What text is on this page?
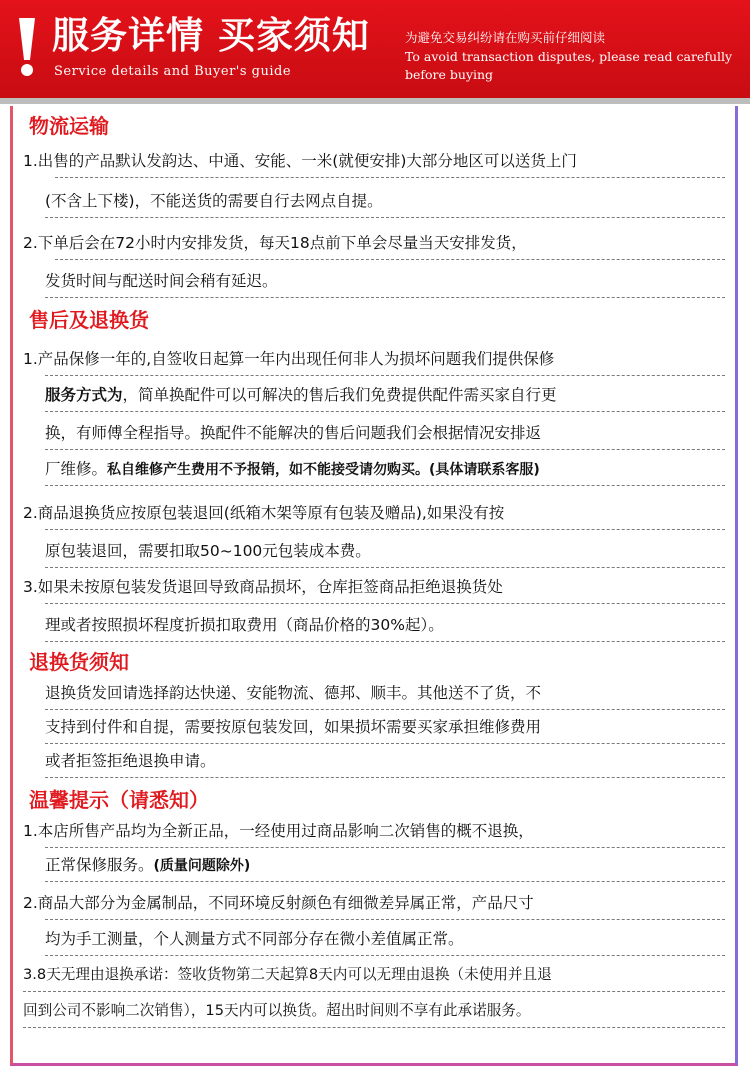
服务详情 买家须知
Service details and Buyer's guide
为避免交易纠纷请在购买前仔细阅读
To avoid transaction disputes, please read carefully before buying
物流运输
1.出售的产品默认发韵达、中通、安能、一米(就便安排)大部分地区可以送货上门
(不含上下楼)，不能送货的需要自行去网点自提。
2.下单后会在72小时内安排发货，每天18点前下单会尽量当天安排发货，
发货时间与配送时间会稍有延迟。
售后及退换货
1.产品保修一年的,自签收日起算一年内出现任何非人为损坏问题我们提供保修
服务方式为，简单换配件可以可解决的售后我们免费提供配件需买家自行更
换，有师傅全程指导。换配件不能解决的售后问题我们会根据情况安排返
厂维修。私自维修产生费用不予报销，如不能接受请勿购买。(具体请联系客服)
2.商品退换货应按原包装退回(纸箱木架等原有包装及赠品),如果没有按
原包装退回，需要扣取50~100元包装成本费。
3.如果未按原包装发货退回导致商品损坏，仓库拒签商品拒绝退换货处
理或者按照损坏程度折损扣取费用（商品价格的30%起）。
退换货须知
退换货发回请选择韵达快递、安能物流、德邦、顺丰。其他送不了货，不
支持到付件和自提，需要按原包装发回，如果损坏需要买家承担维修费用
或者拒签拒绝退换申请。
温馨提示（请悉知）
1.本店所售产品均为全新正品，一经使用过商品影响二次销售的概不退换，
正常保修服务。(质量问题除外)
2.商品大部分为金属制品，不同环境反射颜色有细微差异属正常，产品尺寸
均为手工测量，个人测量方式不同部分存在微小差值属正常。
3.8天无理由退换承诺：签收货物第二天起算8天内可以无理由退换（未使用并且退
回到公司不影响二次销售），15天内可以换货。超出时间则不享有此承诺服务。
